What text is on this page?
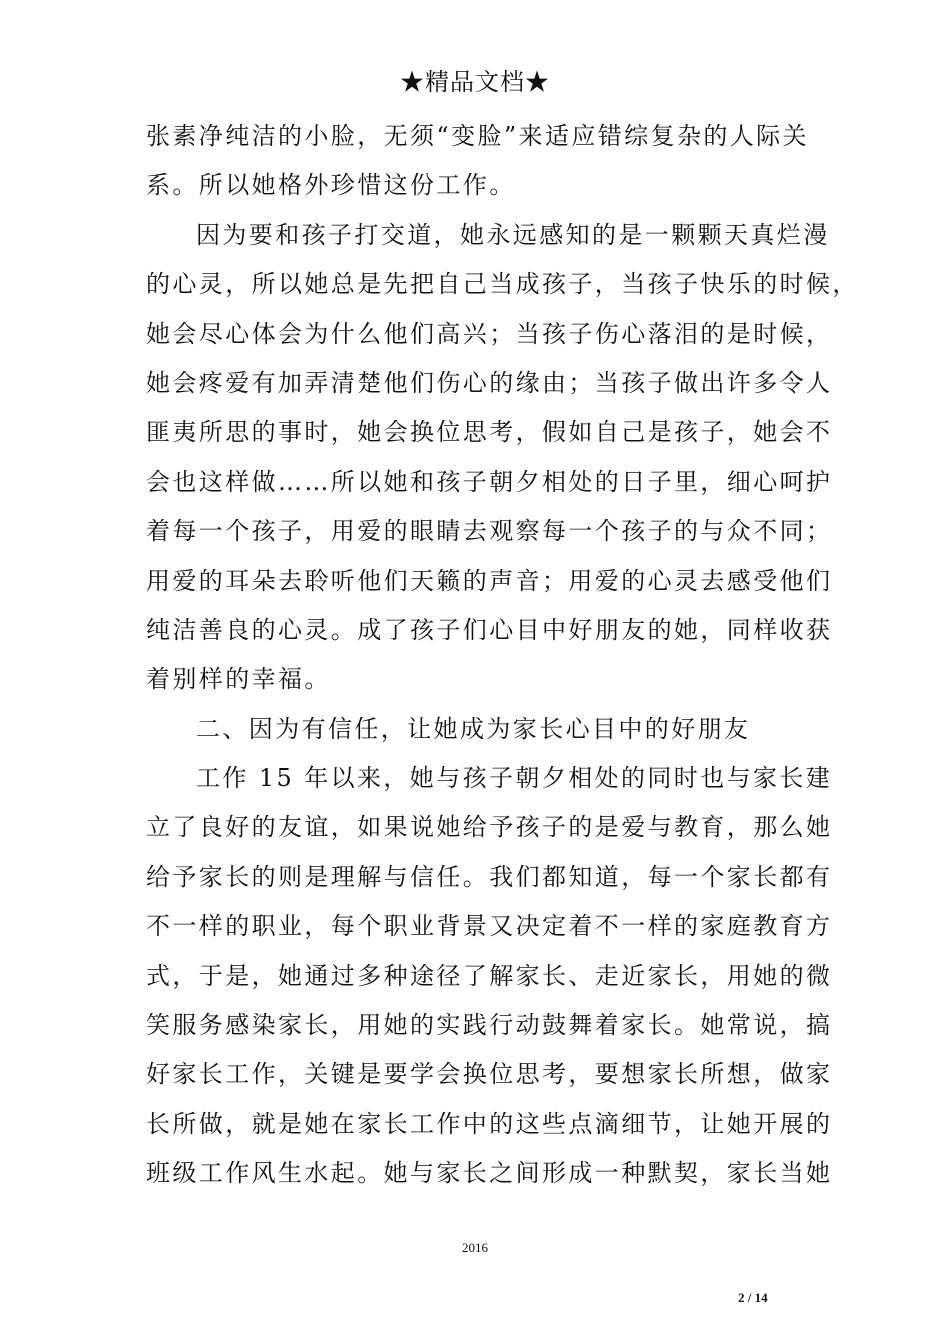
★精品文档★
张素净纯洁的小脸，无须“变脸”来适应错综复杂的人际关
系。所以她格外珍惜这份工作。
因为要和孩子打交道，她永远感知的是一颗颗天真烂漫
的心灵，所以她总是先把自己当成孩子，当孩子快乐的时候，
她会尽心体会为什么他们高兴；当孩子伤心落泪的是时候，
她会疼爱有加弄清楚他们伤心的缘由；当孩子做出许多令人
匪夷所思的事时，她会换位思考，假如自己是孩子，她会不
会也这样做……所以她和孩子朝夕相处的日子里，细心呵护
着每一个孩子，用爱的眼睛去观察每一个孩子的与众不同；
用爱的耳朵去聆听他们天籁的声音；用爱的心灵去感受他们
纯洁善良的心灵。成了孩子们心目中好朋友的她，同样收获
着别样的幸福。
二、因为有信任，让她成为家长心目中的好朋友
工作 15 年以来，她与孩子朝夕相处的同时也与家长建
立了良好的友谊，如果说她给予孩子的是爱与教育，那么她
给予家长的则是理解与信任。我们都知道，每一个家长都有
不一样的职业，每个职业背景又决定着不一样的家庭教育方
式，于是，她通过多种途径了解家长、走近家长，用她的微
笑服务感染家长，用她的实践行动鼓舞着家长。她常说，搞
好家长工作，关键是要学会换位思考，要想家长所想，做家
长所做，就是她在家长工作中的这些点滴细节，让她开展的
班级工作风生水起。她与家长之间形成一种默契，家长当她
2016
2 / 14
